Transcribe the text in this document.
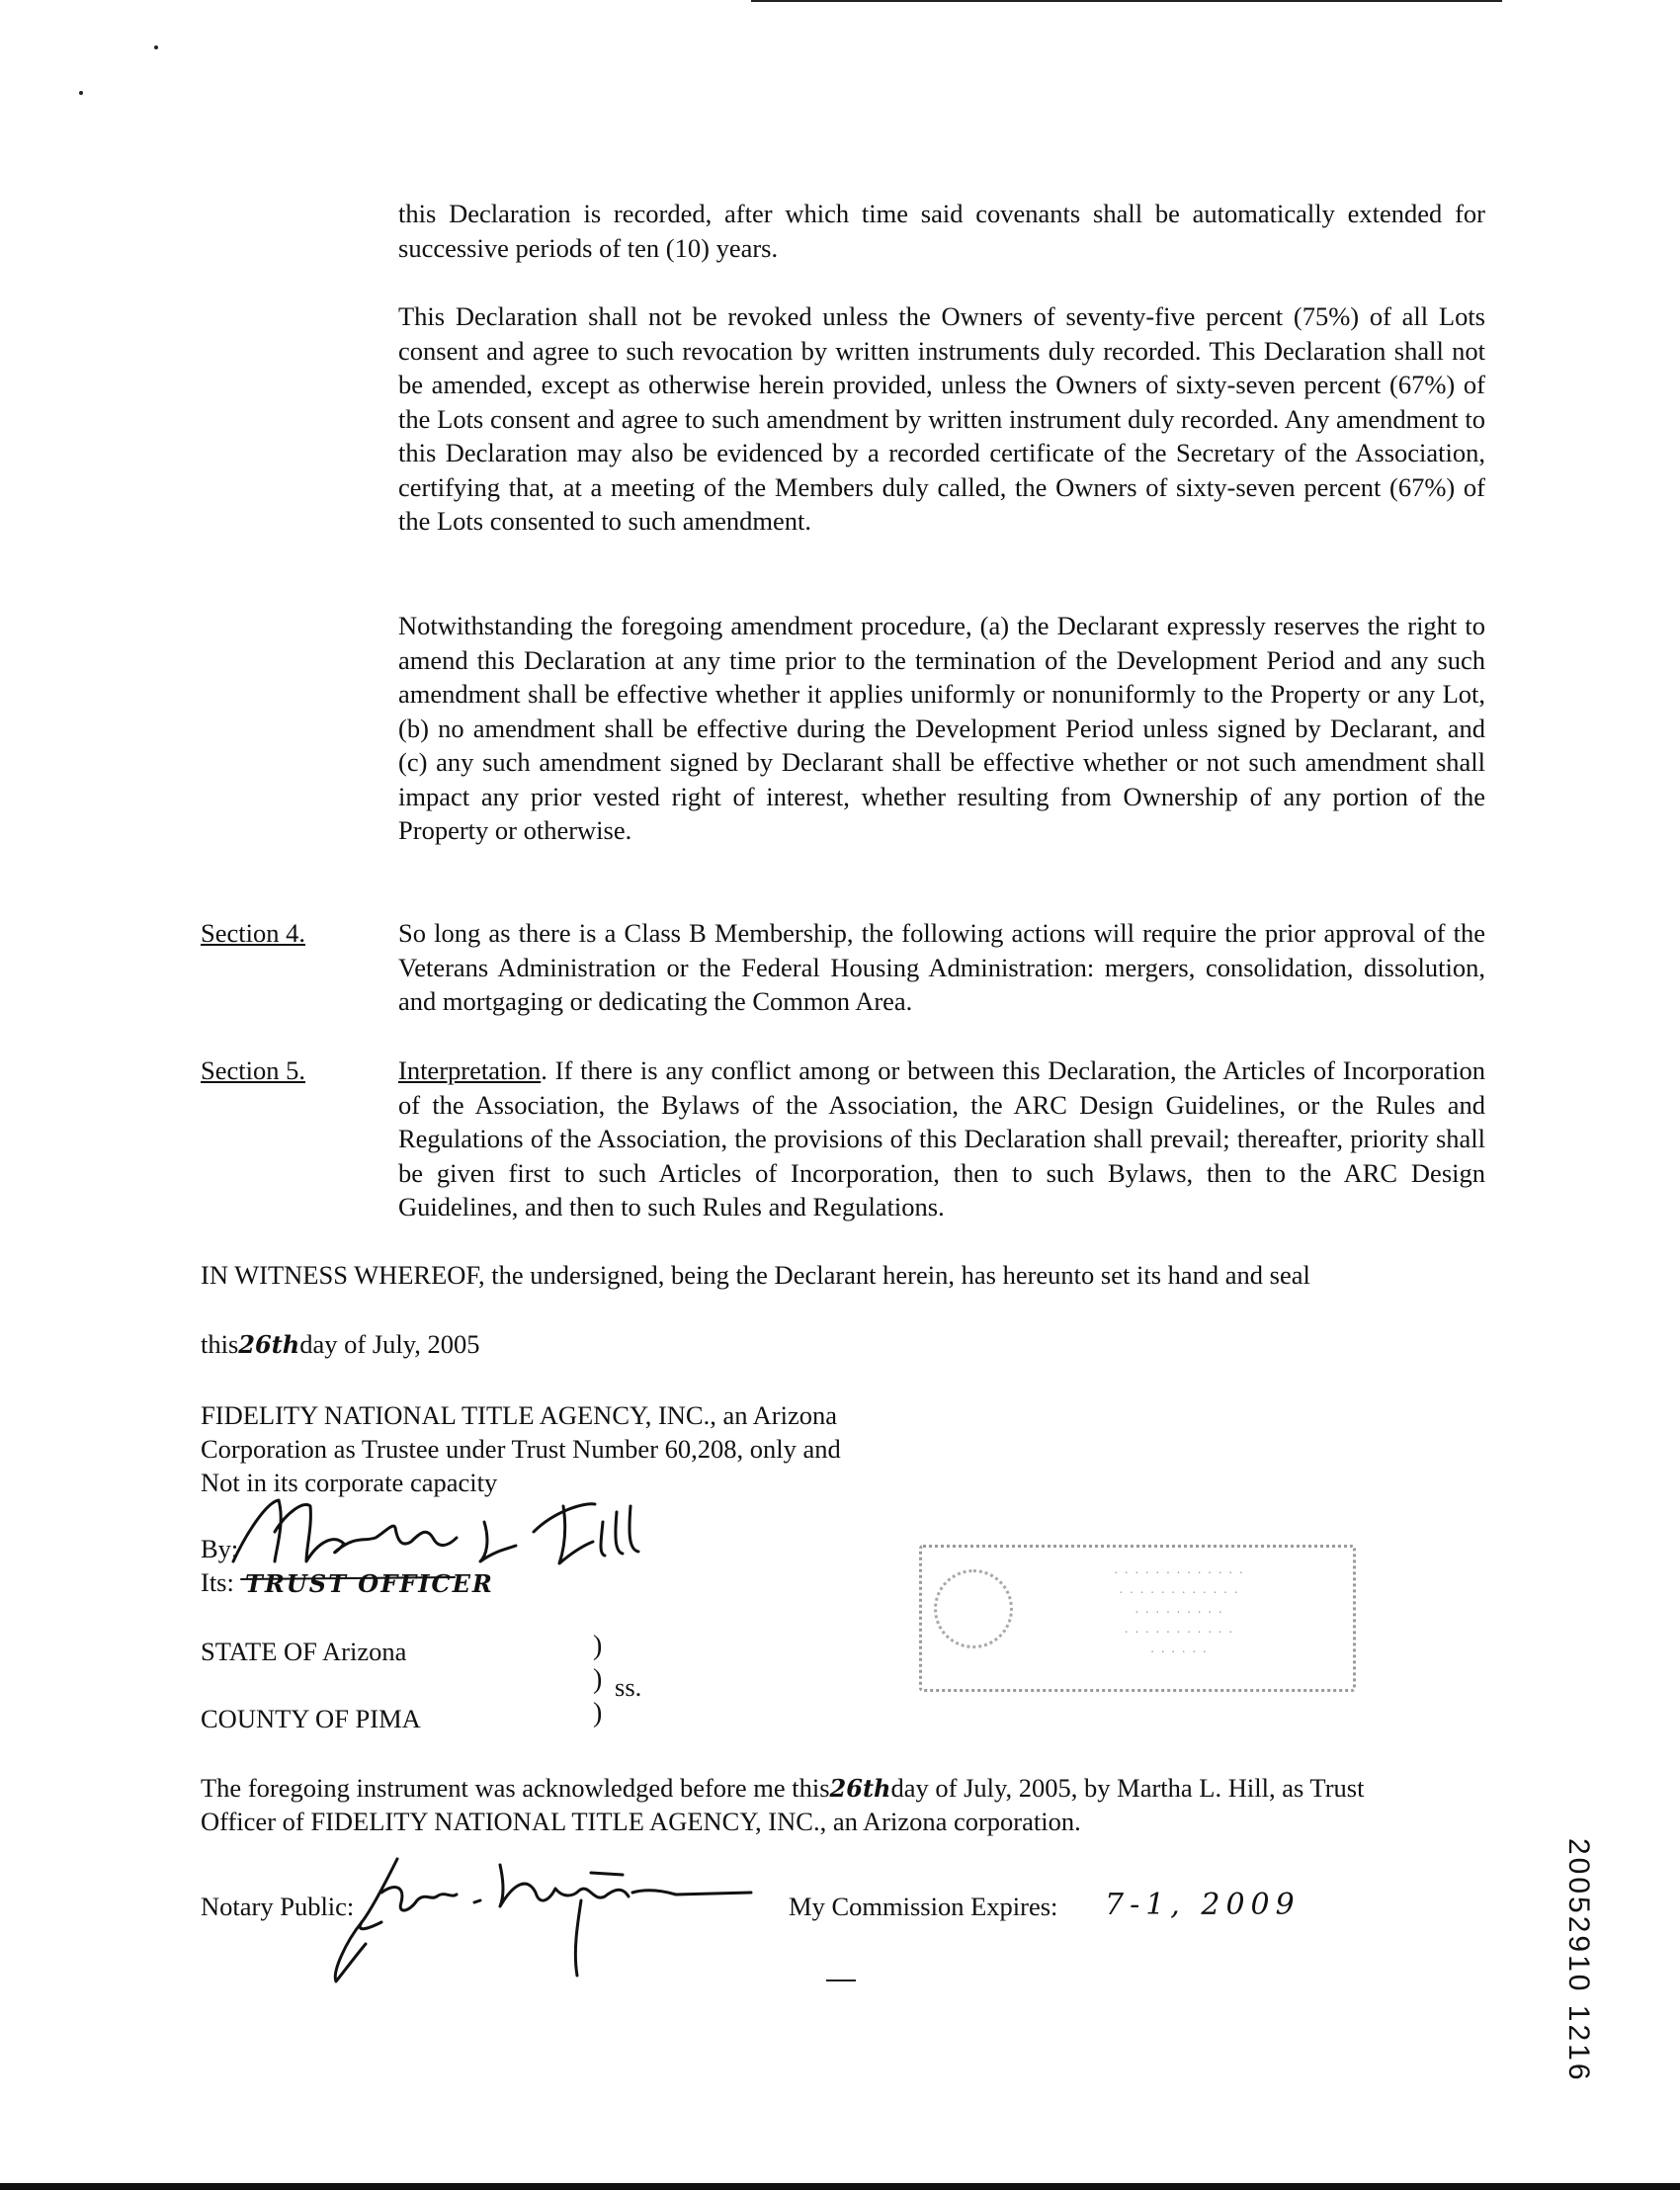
this Declaration is recorded, after which time said covenants shall be automatically extended for successive periods of ten (10) years.

This Declaration shall not be revoked unless the Owners of seventy-five percent (75%) of all Lots consent and agree to such revocation by written instruments duly recorded. This Declaration shall not be amended, except as otherwise herein provided, unless the Owners of sixty-seven percent (67%) of the Lots consent and agree to such amendment by written instrument duly recorded. Any amendment to this Declaration may also be evidenced by a recorded certificate of the Secretary of the Association, certifying that, at a meeting of the Members duly called, the Owners of sixty-seven percent (67%) of the Lots consented to such amendment.

Notwithstanding the foregoing amendment procedure, (a) the Declarant expressly reserves the right to amend this Declaration at any time prior to the termination of the Development Period and any such amendment shall be effective whether it applies uniformly or nonuniformly to the Property or any Lot, (b) no amendment shall be effective during the Development Period unless signed by Declarant, and (c) any such amendment signed by Declarant shall be effective whether or not such amendment shall impact any prior vested right of interest, whether resulting from Ownership of any portion of the Property or otherwise.

Section 4.	So long as there is a Class B Membership, the following actions will require the prior approval of the Veterans Administration or the Federal Housing Administration: mergers, consolidation, dissolution, and mortgaging or dedicating the Common Area.

Section 5.	Interpretation. If there is any conflict among or between this Declaration, the Articles of Incorporation of the Association, the Bylaws of the Association, the ARC Design Guidelines, or the Rules and Regulations of the Association, the provisions of this Declaration shall prevail; thereafter, priority shall be given first to such Articles of Incorporation, then to such Bylaws, then to the ARC Design Guidelines, and then to such Rules and Regulations.

IN WITNESS WHEREOF, the undersigned, being the Declarant herein, has hereunto set its hand and seal

this26thday of July, 2005

FIDELITY NATIONAL TITLE AGENCY, INC., an Arizona

Corporation as Trustee under Trust Number 60,208, only and

Not in its corporate capacity

By:

Its: TRUST OFFICER	· · · · · · · · · · · · ·
· · · · · · · · · · · ·
· · · · · · · · ·
· · · · · · · · · · ·
· · · · · ·

STATE OF Arizona	)
) ss.

COUNTY OF PIMA	)

The foregoing instrument was acknowledged before me this26thday of July, 2005, by Martha L. Hill, as Trust

Officer of FIDELITY NATIONAL TITLE AGENCY, INC., an Arizona corporation.

Notary Public:	My Commission Expires: 7-1, 2009	20052910 1216
